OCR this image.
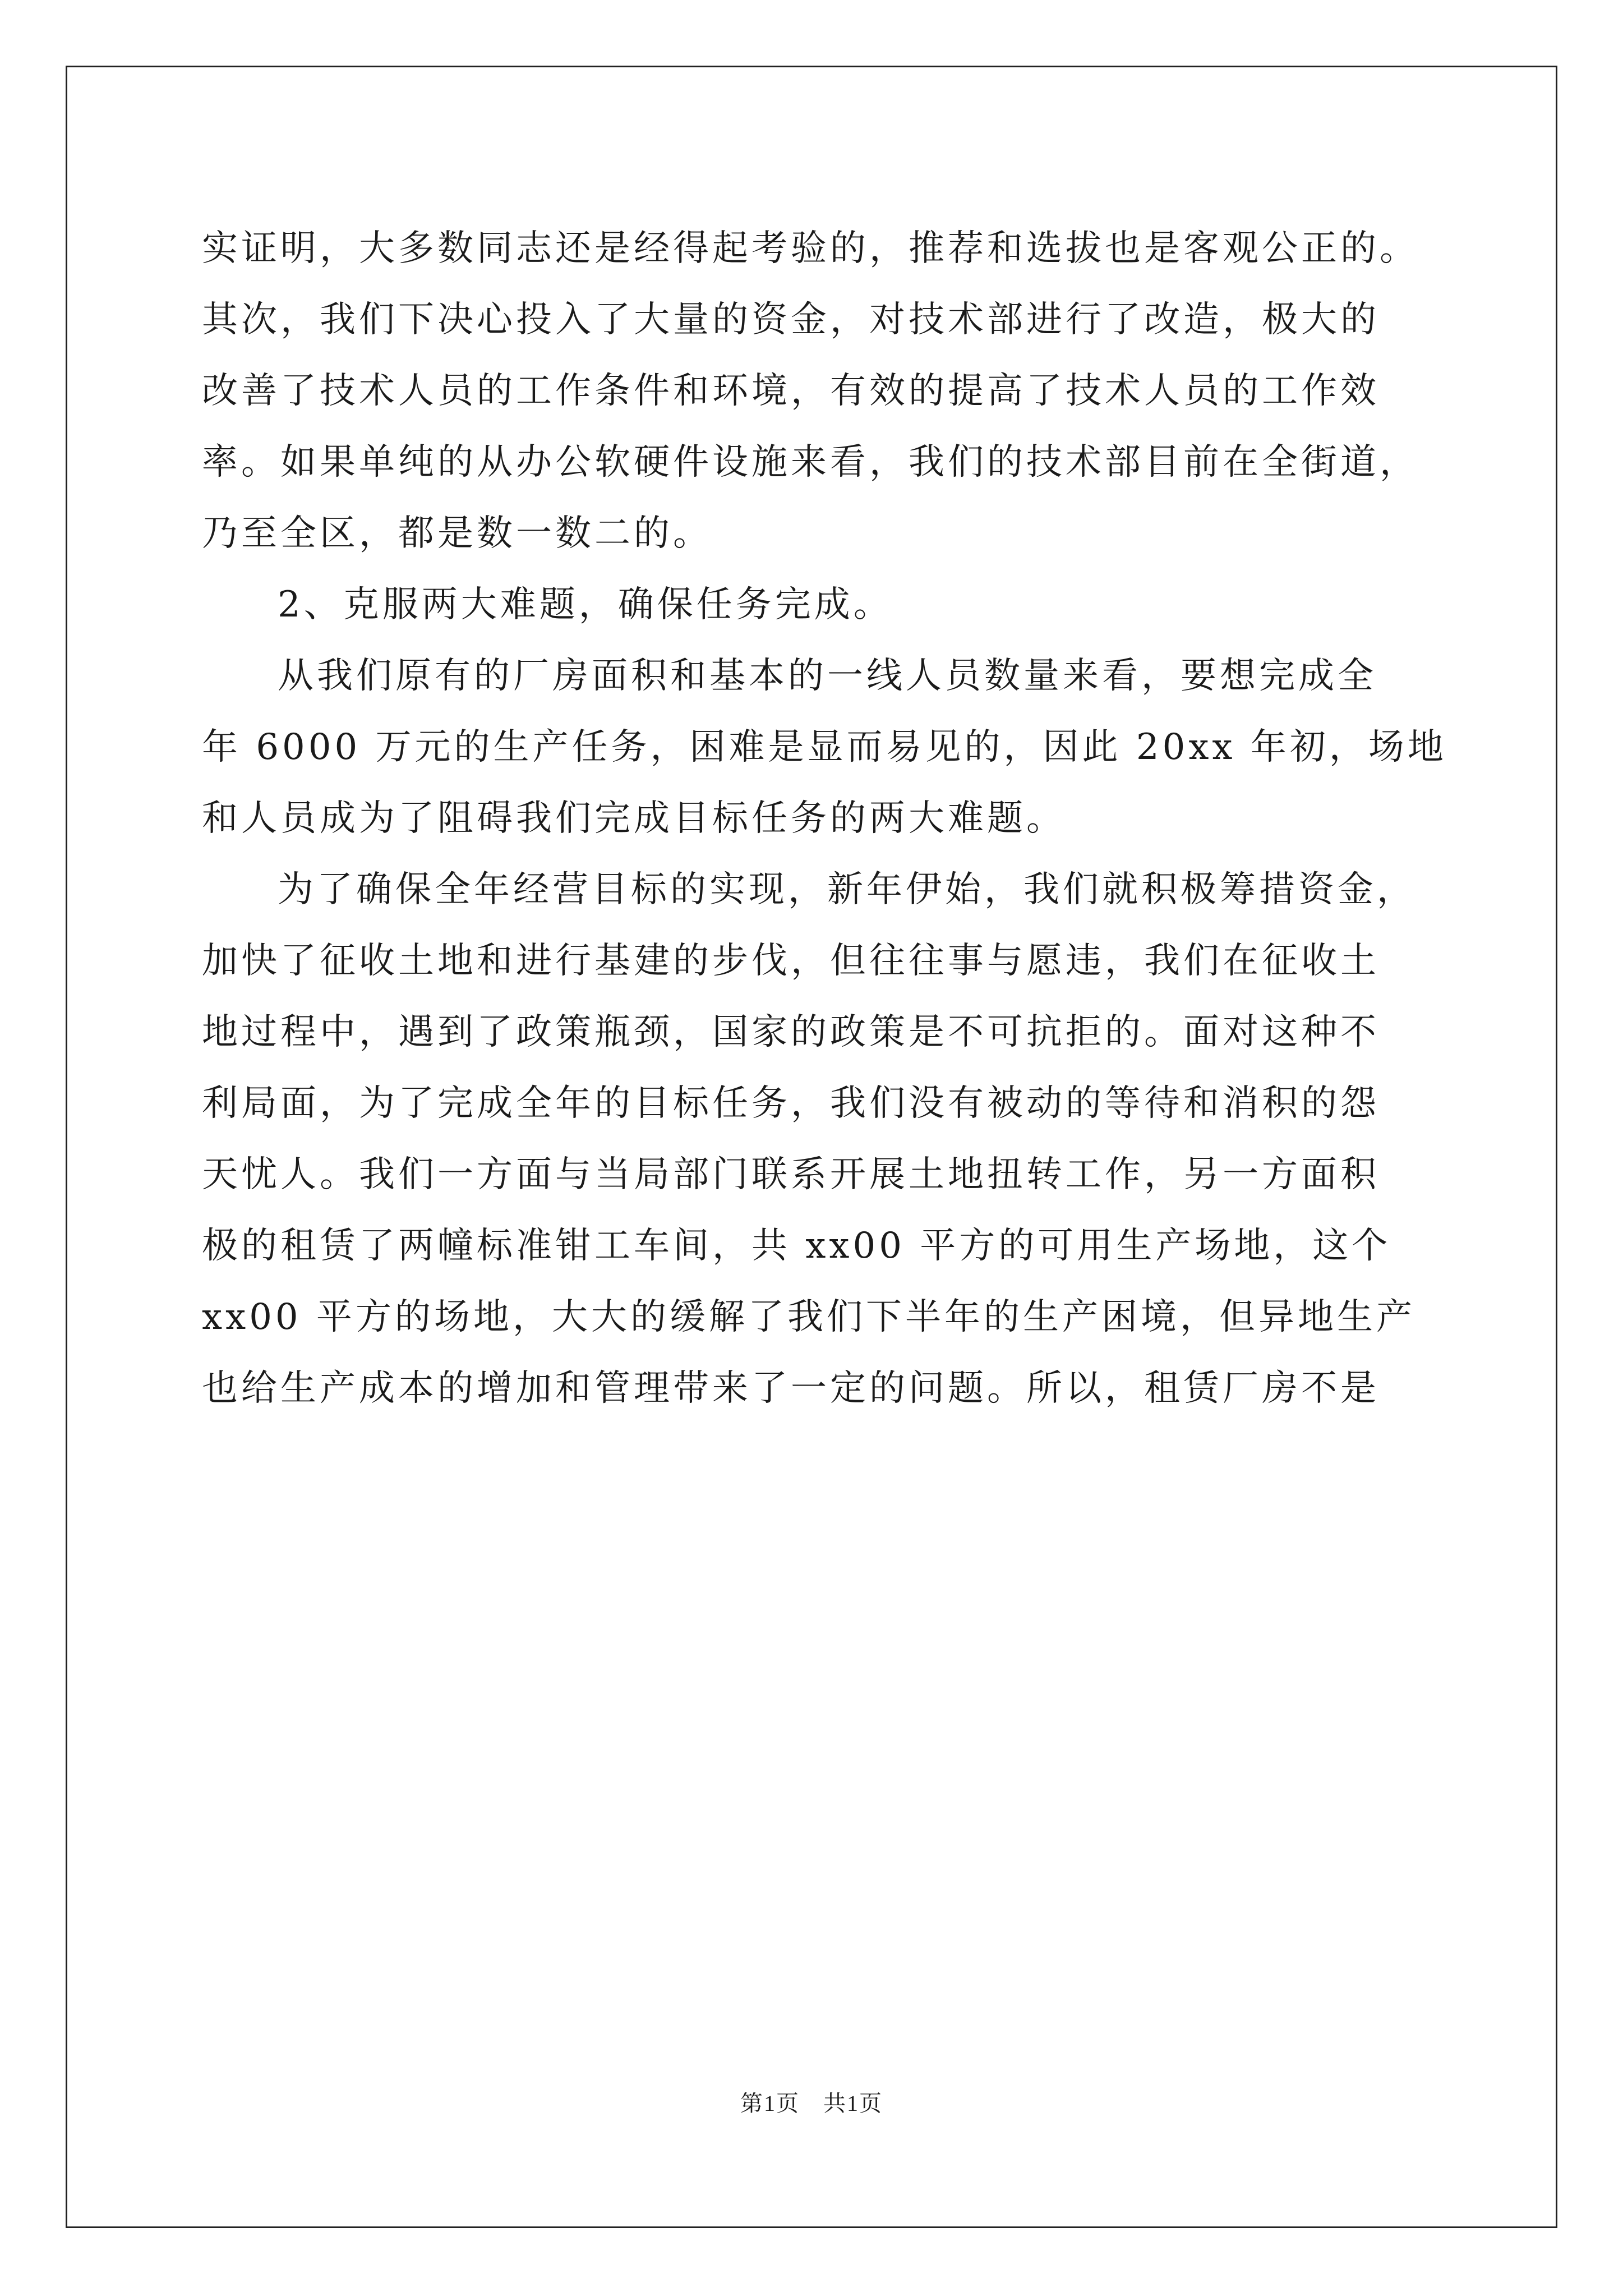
实证明，大多数同志还是经得起考验的，推荐和选拔也是客观公正的。
其次，我们下决心投入了大量的资金，对技术部进行了改造，极大的
改善了技术人员的工作条件和环境，有效的提高了技术人员的工作效
率。如果单纯的从办公软硬件设施来看，我们的技术部目前在全街道，
乃至全区，都是数一数二的。
2、克服两大难题，确保任务完成。
从我们原有的厂房面积和基本的一线人员数量来看，要想完成全
年 6000 万元的生产任务，困难是显而易见的，因此 20xx 年初，场地
和人员成为了阻碍我们完成目标任务的两大难题。
为了确保全年经营目标的实现，新年伊始，我们就积极筹措资金，
加快了征收土地和进行基建的步伐，但往往事与愿违，我们在征收土
地过程中，遇到了政策瓶颈，国家的政策是不可抗拒的。面对这种不
利局面，为了完成全年的目标任务，我们没有被动的等待和消积的怨
天忧人。我们一方面与当局部门联系开展土地扭转工作，另一方面积
极的租赁了两幢标准钳工车间，共 xx00 平方的可用生产场地，这个
xx00 平方的场地，大大的缓解了我们下半年的生产困境，但异地生产
也给生产成本的增加和管理带来了一定的问题。所以，租赁厂房不是
第1页　共1页
